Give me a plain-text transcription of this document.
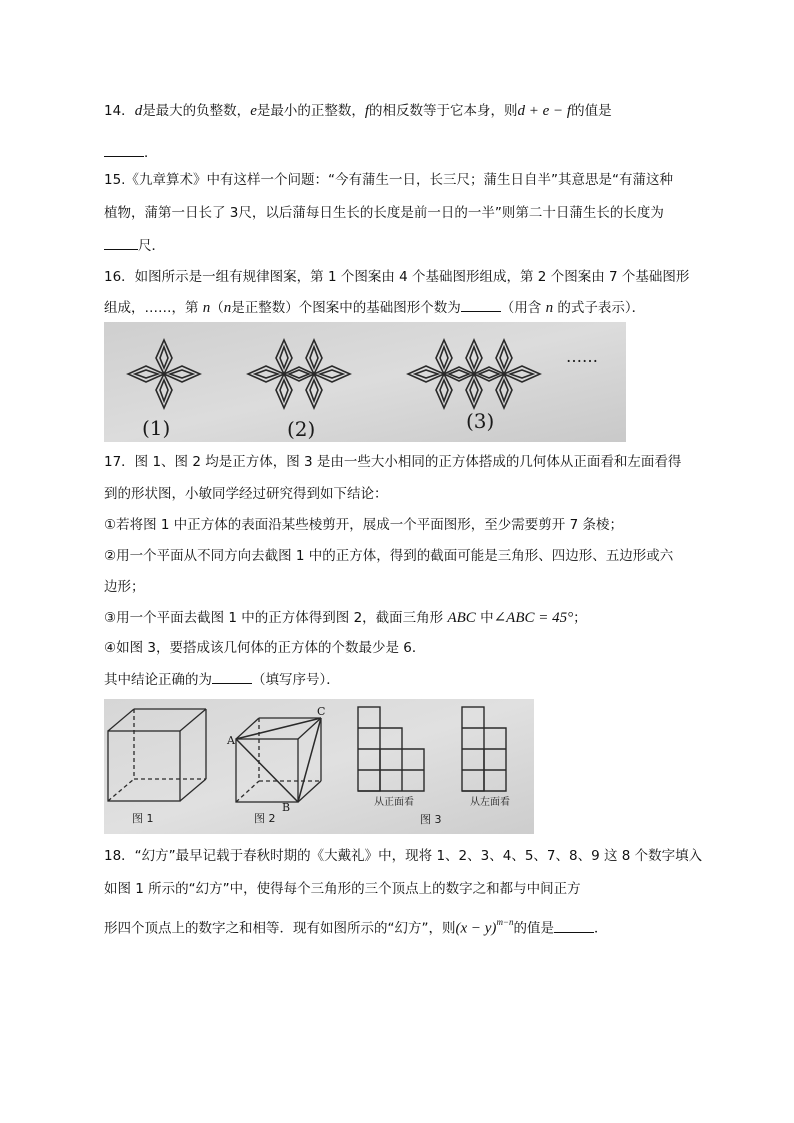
14．d是最大的负整数，e是最小的正整数，f的相反数等于它本身，则d + e − f的值是
．
15.《九章算术》中有这样一个问题：“今有蒲生一日，长三尺；蒲生日自半”其意思是“有蒲这种
植物，蒲第一日长了 3尺，以后蒲每日生长的长度是前一日的一半”则第二十日蒲生长的长度为
尺．
16．如图所示是一组有规律图案，第 1 个图案由 4 个基础图形组成，第 2 个图案由 7 个基础图形
组成，……，第 n（n是正整数）个图案中的基础图形个数为	（用含 n 的式子表示）．
(1)	(2)	(3)
……
17．图 1、图 2 均是正方体，图 3 是由一些大小相同的正方体搭成的几何体从正面看和左面看得
到的形状图，小敏同学经过研究得到如下结论：
①若将图 1 中正方体的表面沿某些棱剪开，展成一个平面图形，至少需要剪开 7 条棱；
②用一个平面从不同方向去截图 1 中的正方体，得到的截面可能是三角形、四边形、五边形或六
边形；
③用一个平面去截图 1 中的正方体得到图 2，截面三角形 ABC 中∠ABC = 45°；
④如图 3，要搭成该几何体的正方体的个数最少是 6．
其中结论正确的为	（填写序号）．
图 1	图 2	图 3
从正面看	从左面看
A
B
C
18．“幻方”最早记载于春秋时期的《大戴礼》中，现将 1、2、3、4、5、7、8、9 这 8 个数字填入
如图 1 所示的“幻方”中，使得每个三角形的三个顶点上的数字之和都与中间正方
形四个顶点上的数字之和相等．现有如图所示的“幻方”，则$(x - y)^{m-n}$的值是	．
